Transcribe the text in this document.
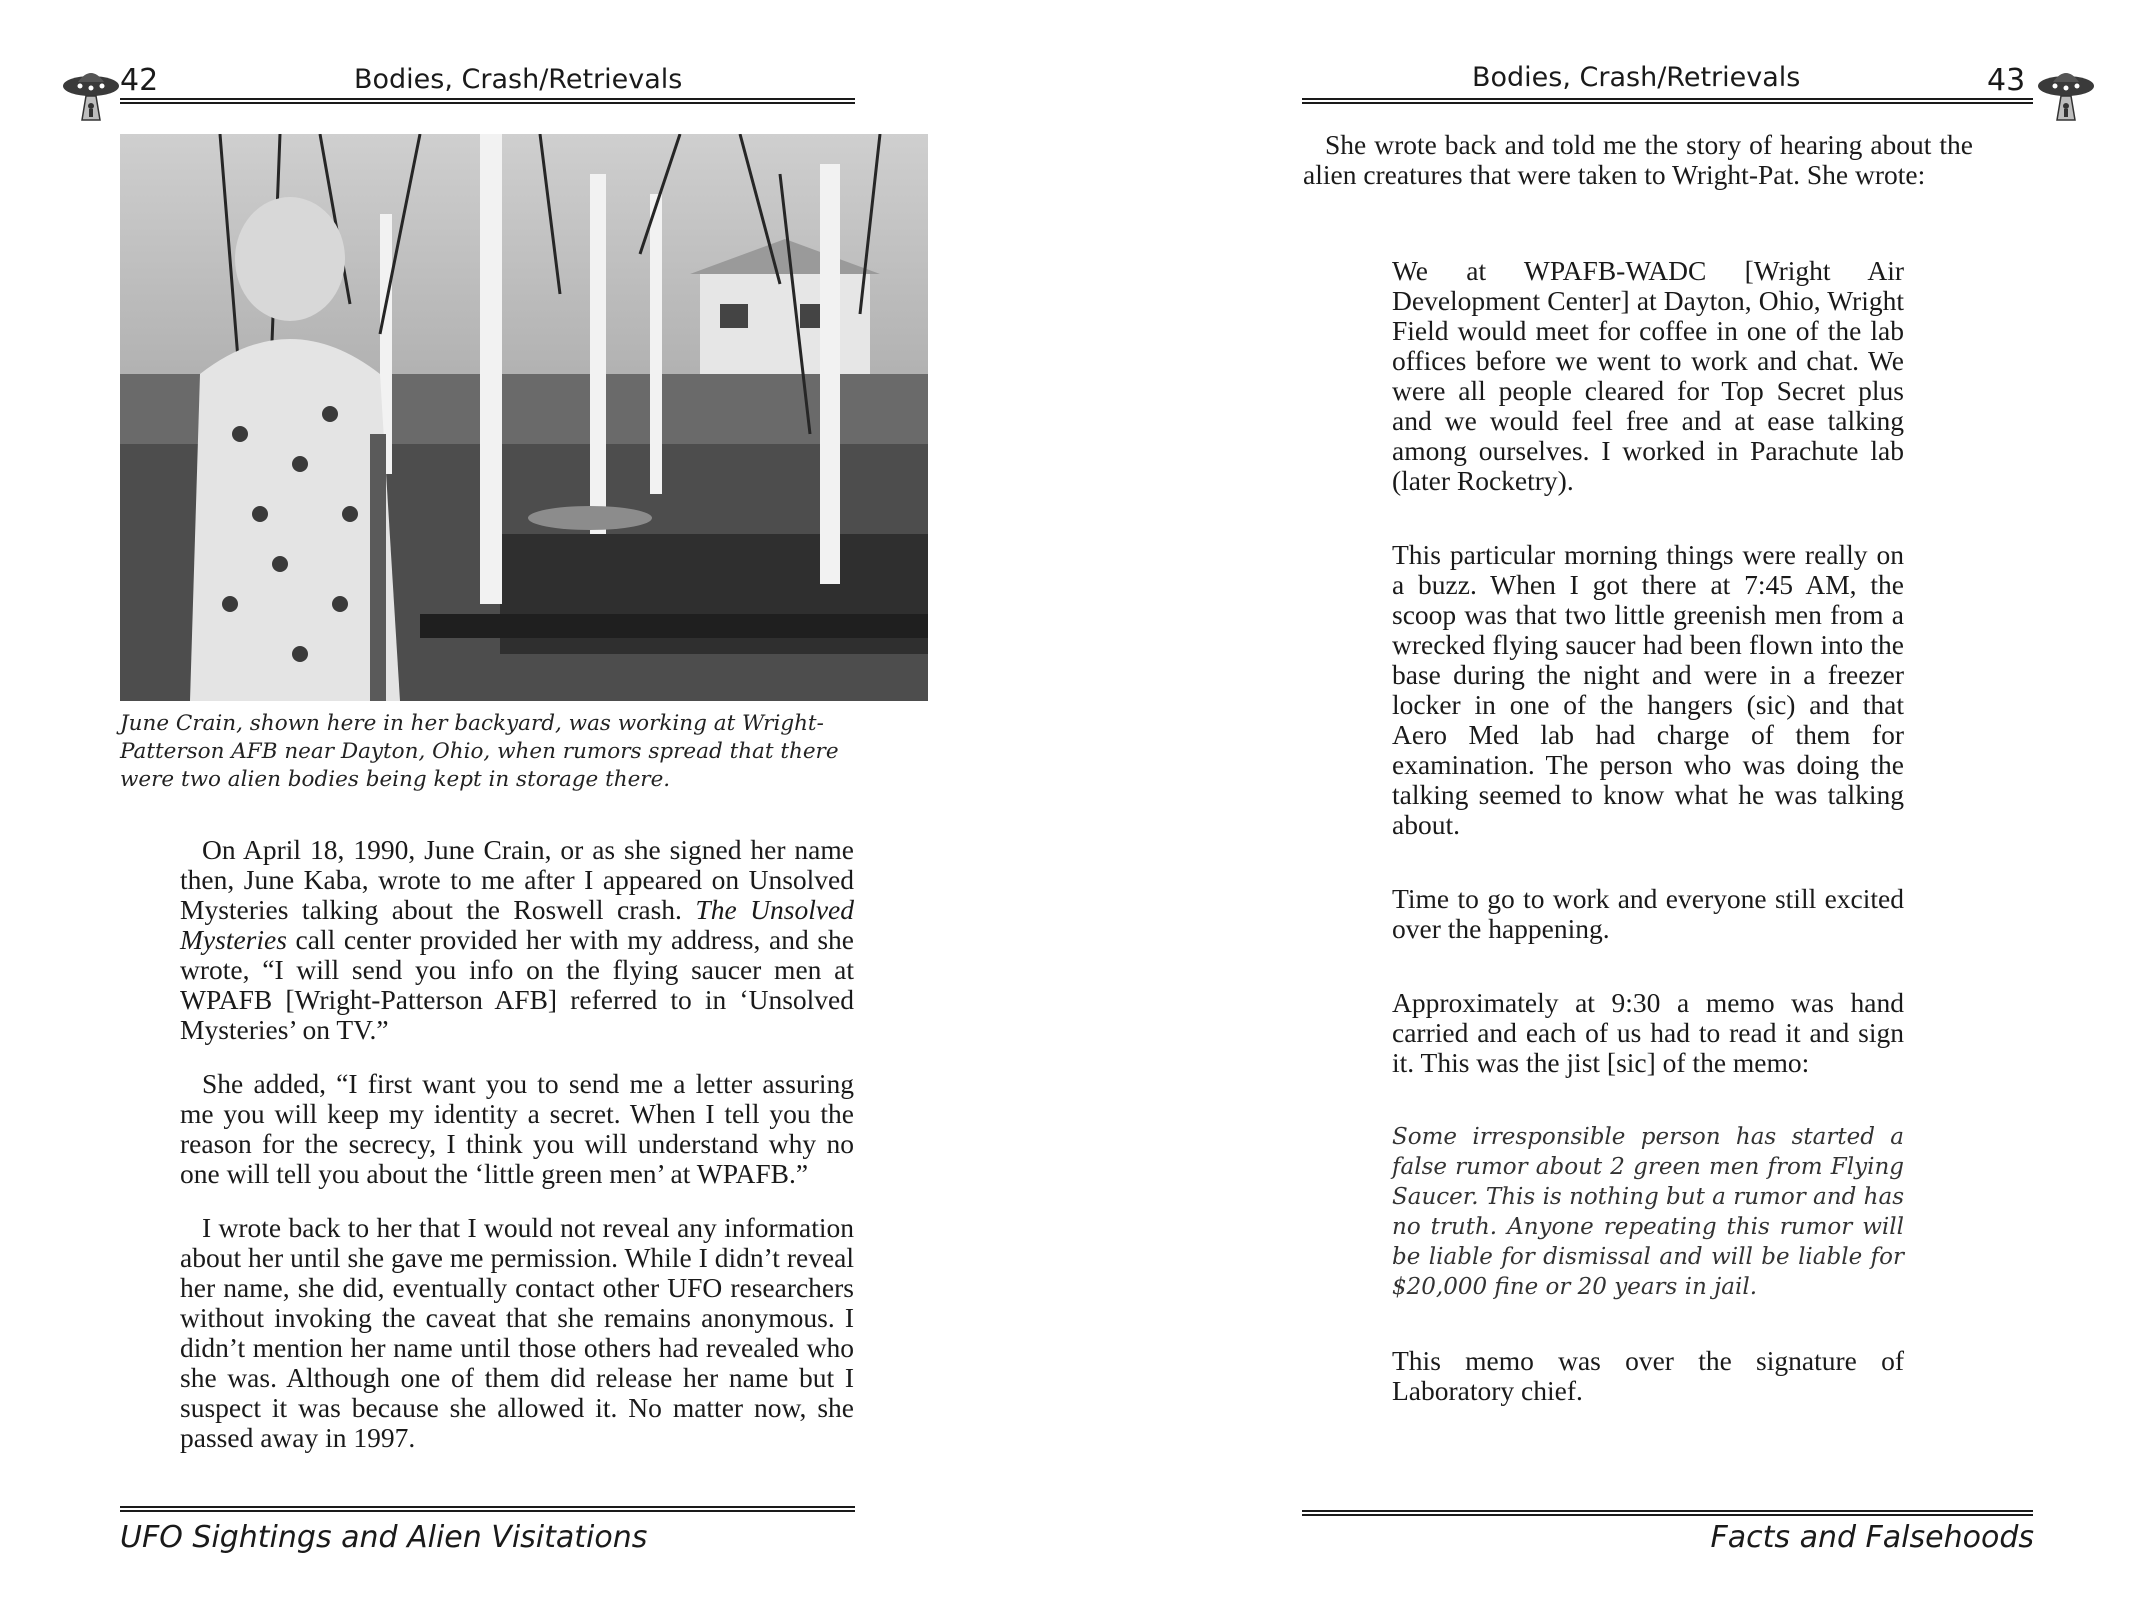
42	Bodies, Crash/Retrievals
June Crain, shown here in her backyard, was working at Wright-Patterson AFB near Dayton, Ohio, when rumors spread that there were two alien bodies being kept in storage there.

On April 18, 1990, June Crain, or as she signed her name then, June Kaba, wrote to me after I appeared on Unsolved Mysteries talking about the Roswell crash. The Unsolved Mysteries call center provided her with my address, and she wrote, “I will send you info on the flying saucer men at WPAFB [Wright-Patterson AFB] referred to in ‘Unsolved Mysteries’ on TV.”

She added, “I first want you to send me a letter assuring me you will keep my identity a secret. When I tell you the reason for the secrecy, I think you will understand why no one will tell you about the ‘little green men’ at WPAFB.”

I wrote back to her that I would not reveal any information about her until she gave me permission. While I didn’t reveal her name, she did, eventually contact other UFO researchers without invoking the caveat that she remains anonymous. I didn’t mention her name until those others had revealed who she was. Although one of them did release her name but I suspect it was because she allowed it. No matter now, she passed away in 1997.

UFO Sightings and Alien Visitations
Bodies, Crash/Retrievals	43

She wrote back and told me the story of hearing about the alien creatures that were taken to Wright-Pat. She wrote:

We at WPAFB-WADC [Wright Air Development Center] at Dayton, Ohio, Wright Field would meet for coffee in one of the lab offices before we went to work and chat. We were all people cleared for Top Secret plus and we would feel free and at ease talking among ourselves. I worked in Parachute lab (later Rocketry).

This particular morning things were really on a buzz. When I got there at 7:45 AM, the scoop was that two little greenish men from a wrecked flying saucer had been flown into the base during the night and were in a freezer locker in one of the hangers (sic) and that Aero Med lab had charge of them for examination. The person who was doing the talking seemed to know what he was talking about.

Time to go to work and everyone still excited over the happening.

Approximately at 9:30 a memo was hand carried and each of us had to read it and sign it. This was the jist [sic] of the memo:

Some irresponsible person has started a false rumor about 2 green men from Flying Saucer. This is nothing but a rumor and has no truth. Anyone repeating this rumor will be liable for dismissal and will be liable for $20,000 fine or 20 years in jail.

This memo was over the signature of Laboratory chief.

Facts and Falsehoods
